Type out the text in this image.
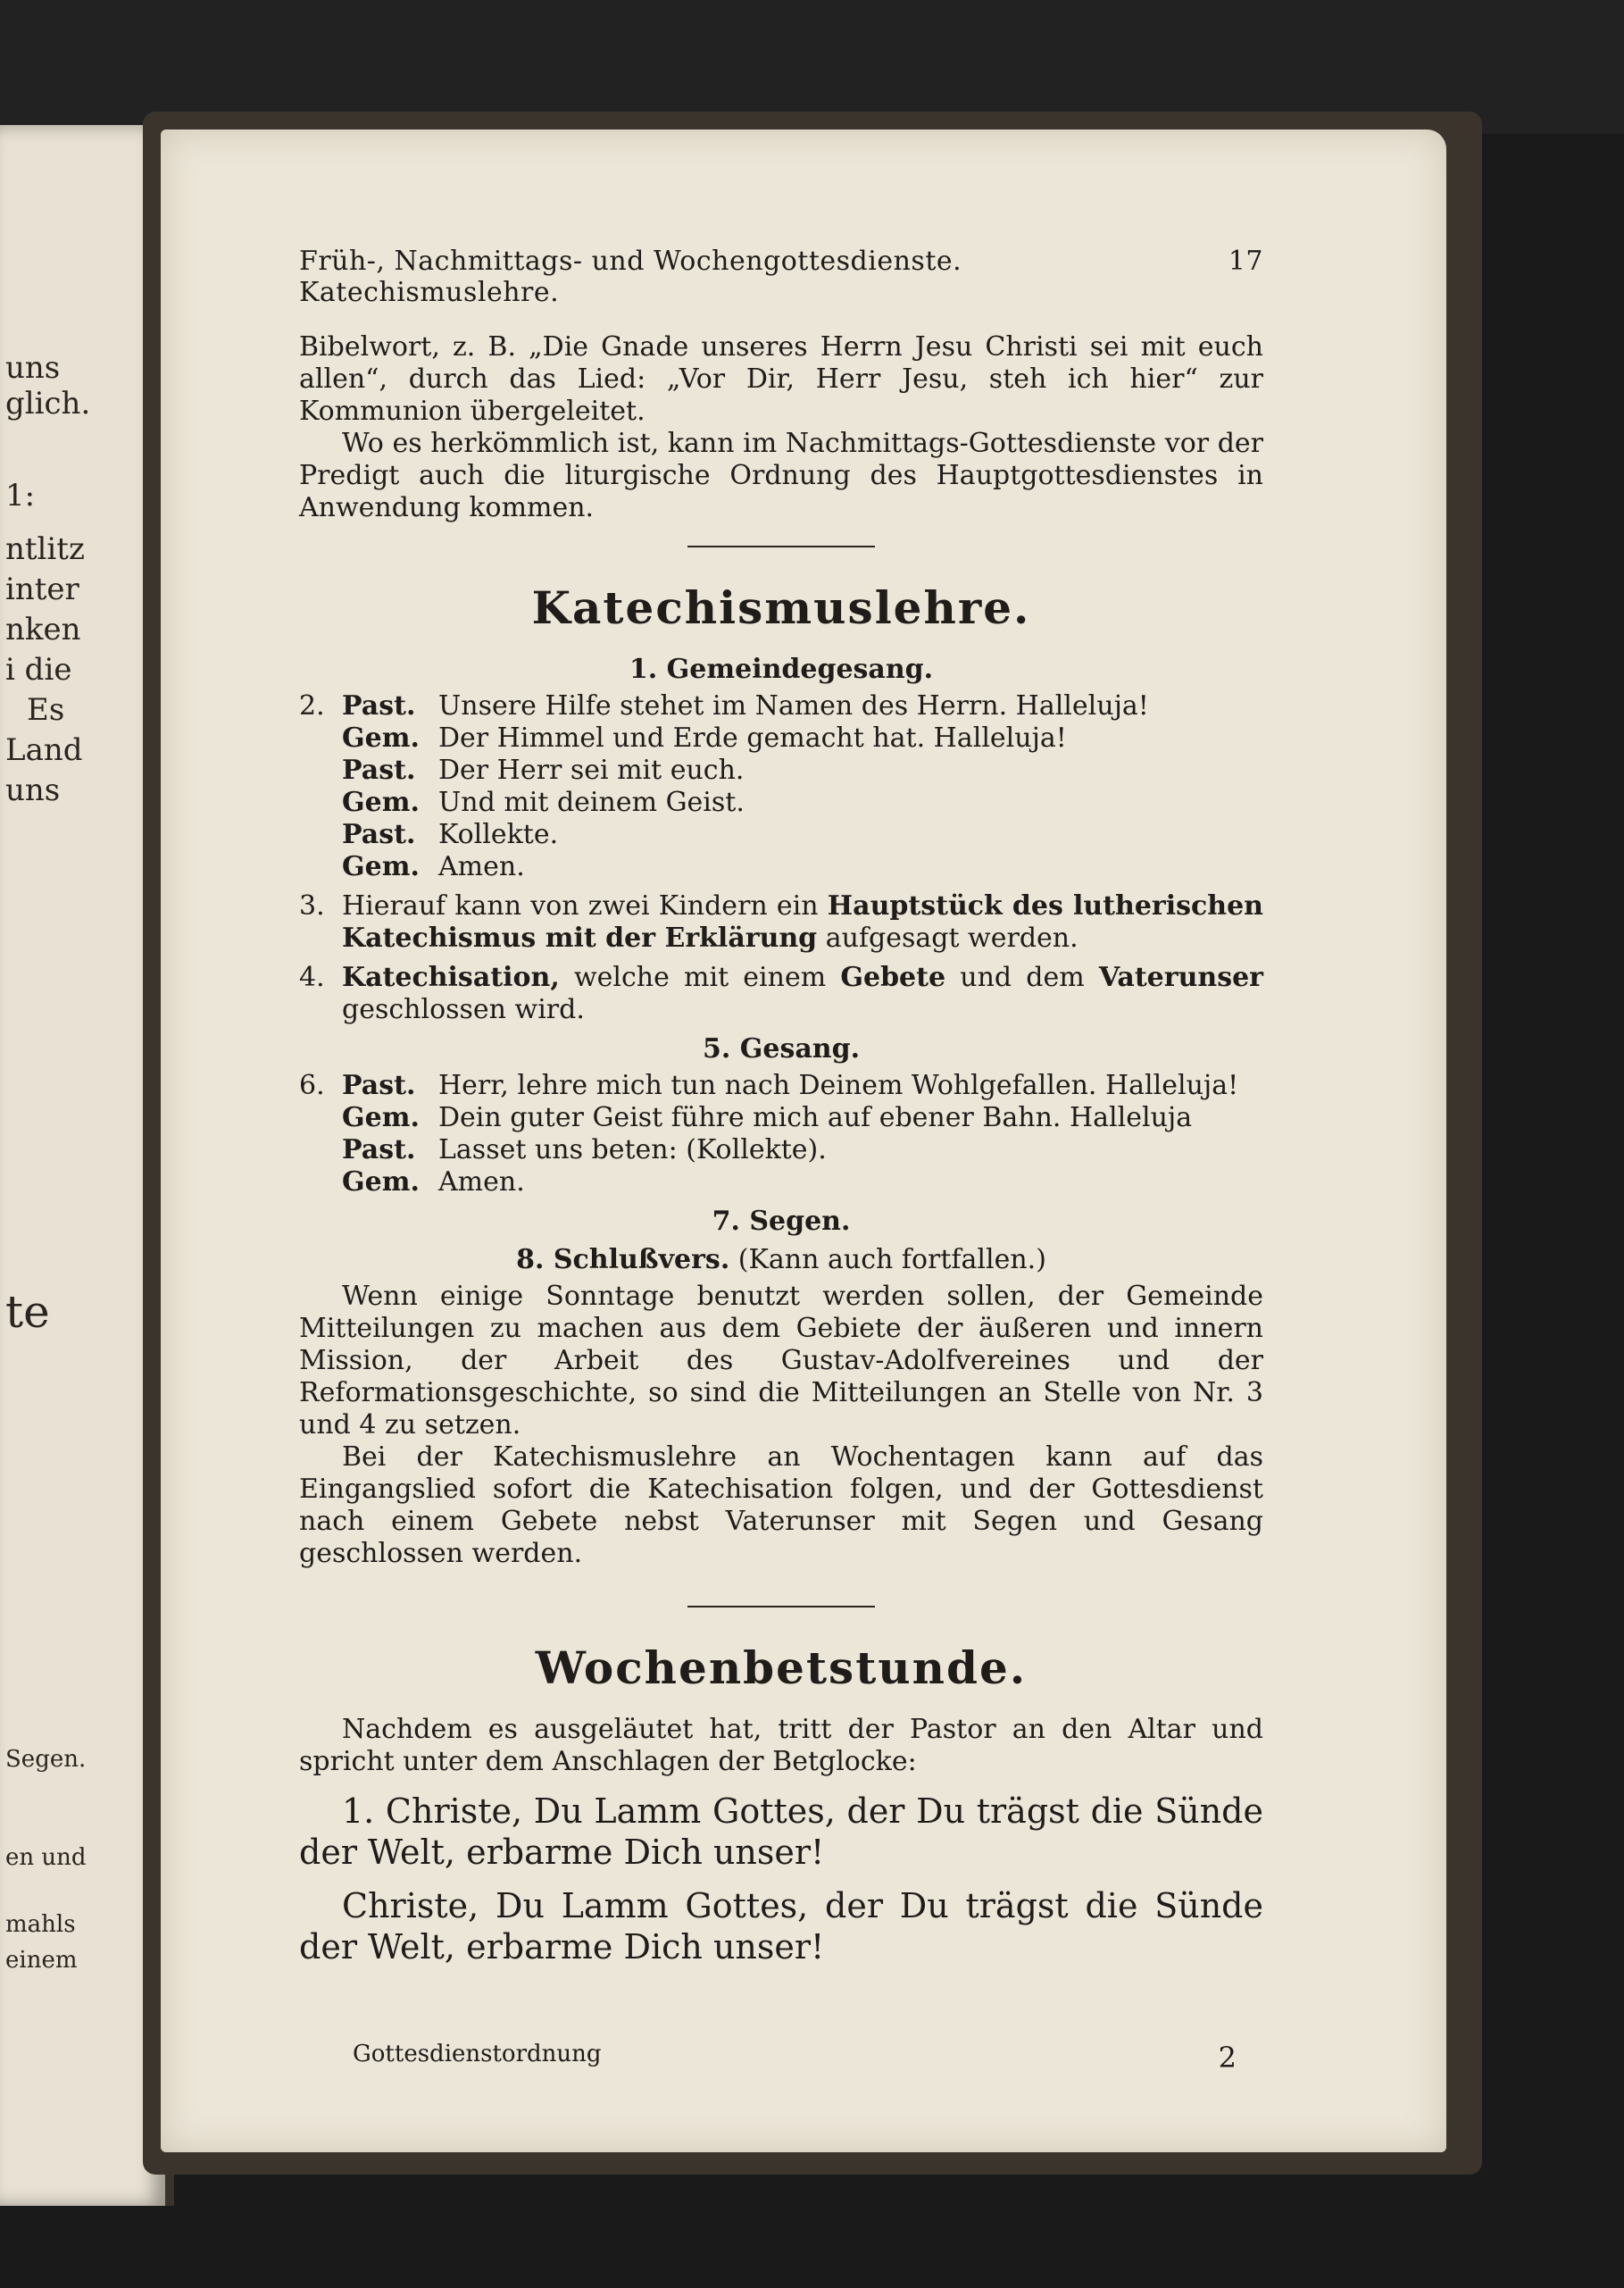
uns
glich.
1:
ntlitz
inter
nken
i die
Es
Land
uns
te
Segen.
en und
mahls
einem
Früh-, Nachmittags- und Wochengottesdienste. Katechismuslehre.
17

Bibelwort, z. B. „Die Gnade unseres Herrn Jesu Christi sei mit euch allen“, durch das Lied: „Vor Dir, Herr Jesu, steh ich hier“ zur Kommunion übergeleitet.

Wo es herkömmlich ist, kann im Nachmittags-Gottesdienste vor der Predigt auch die liturgische Ordnung des Hauptgottesdienstes in Anwendung kommen.

Katechismuslehre.
1. Gemeindegesang.
2. Past. Unsere Hilfe stehet im Namen des Herrn. Halleluja!
Gem. Der Himmel und Erde gemacht hat. Halleluja!
Past. Der Herr sei mit euch.
Gem. Und mit deinem Geist.
Past. Kollekte.
Gem. Amen.
3. Hierauf kann von zwei Kindern ein Hauptstück des lutherischen Katechismus mit der Erklärung aufgesagt werden.
4. Katechisation, welche mit einem Gebete und dem Vaterunser geschlossen wird.
5. Gesang.
6. Past. Herr, lehre mich tun nach Deinem Wohlgefallen. Halleluja!
Gem. Dein guter Geist führe mich auf ebener Bahn. Halleluja
Past. Lasset uns beten: (Kollekte).
Gem. Amen.
7. Segen.
8. Schlußvers. (Kann auch fortfallen.)

Wenn einige Sonntage benutzt werden sollen, der Gemeinde Mitteilungen zu machen aus dem Gebiete der äußeren und innern Mission, der Arbeit des Gustav-Adolfvereines und der Reformationsgeschichte, so sind die Mitteilungen an Stelle von Nr. 3 und 4 zu setzen.

Bei der Katechismuslehre an Wochentagen kann auf das Eingangslied sofort die Katechisation folgen, und der Gottesdienst nach einem Gebete nebst Vaterunser mit Segen und Gesang geschlossen werden.

Wochenbetstunde.

Nachdem es ausgeläutet hat, tritt der Pastor an den Altar und spricht unter dem Anschlagen der Betglocke:

1. Christe, Du Lamm Gottes, der Du trägst die Sünde der Welt, erbarme Dich unser!

Christe, Du Lamm Gottes, der Du trägst die Sünde der Welt, erbarme Dich unser!

Gottesdienstordnung	2
